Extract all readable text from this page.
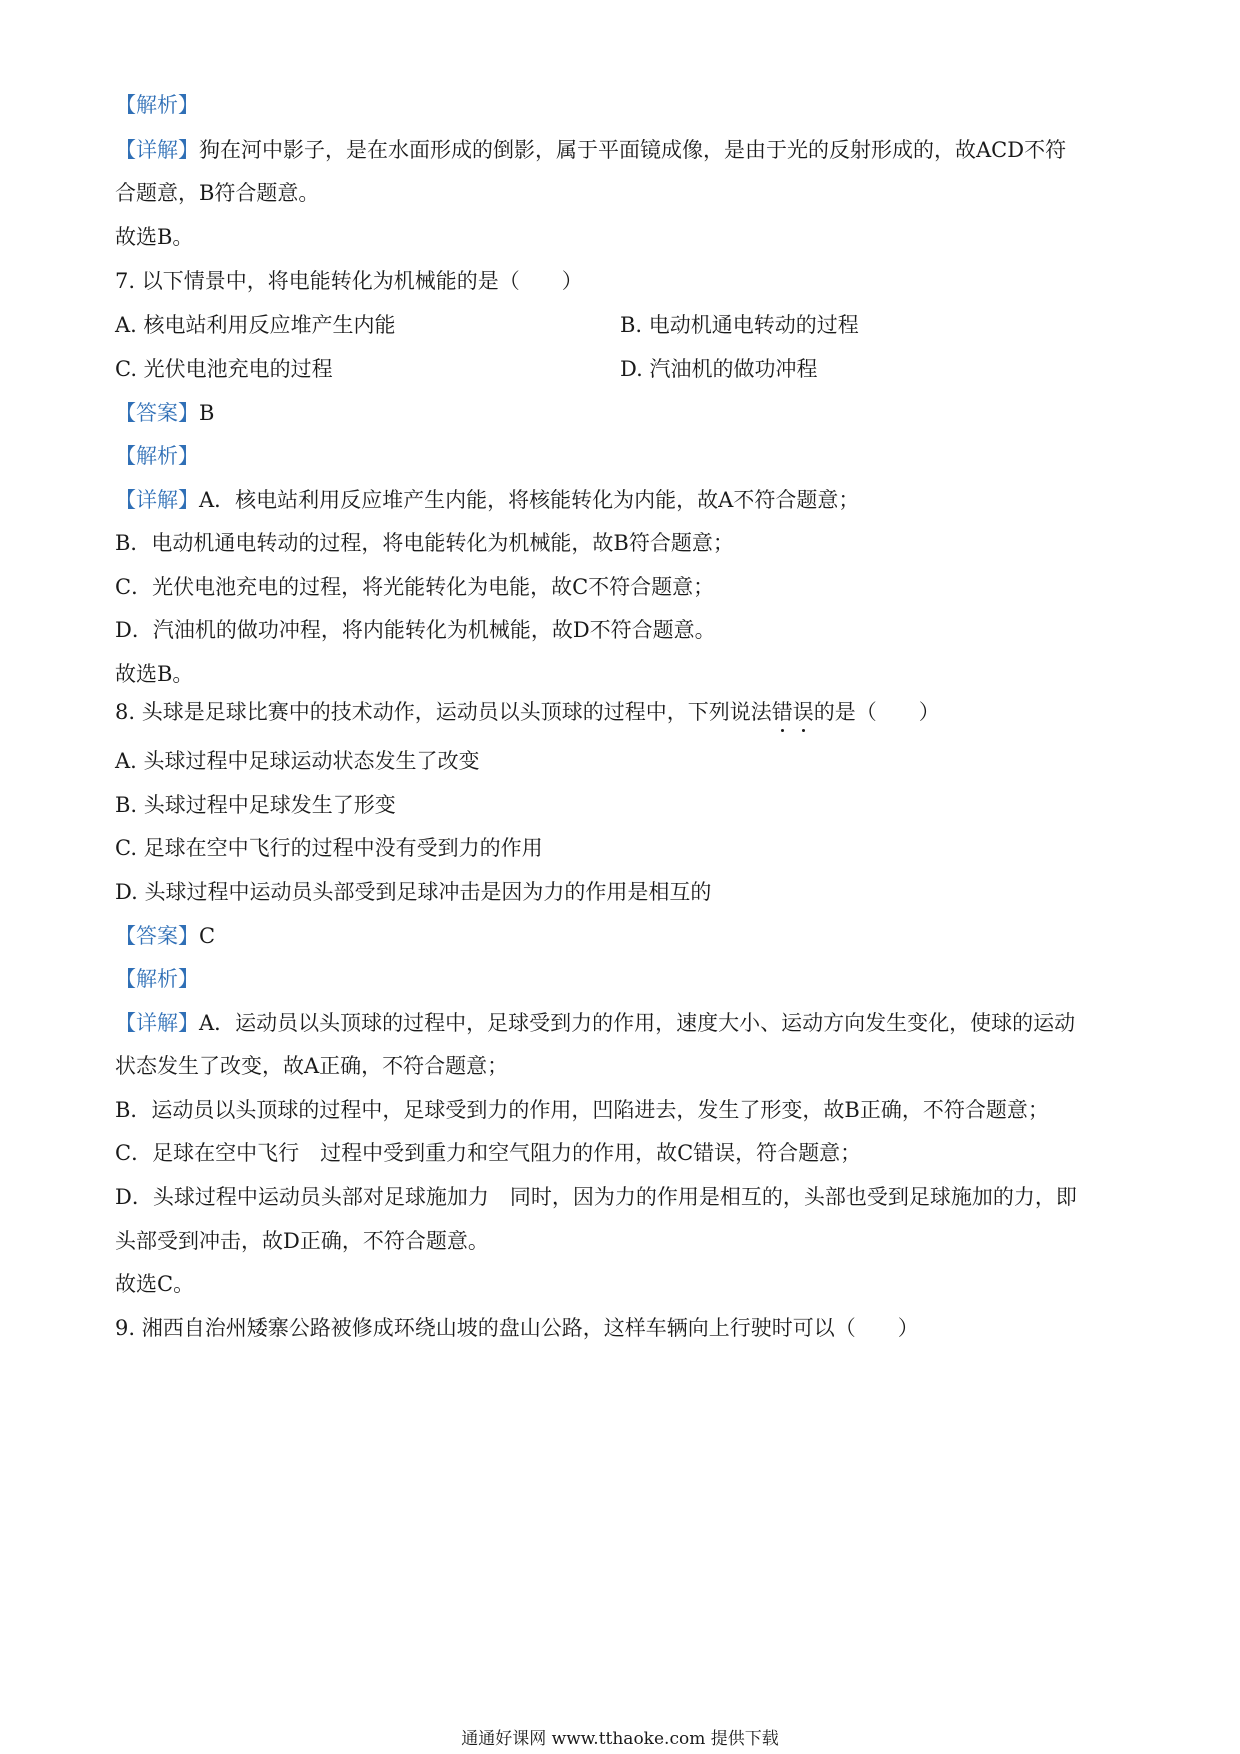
【解析】
【详解】狗在河中影子，是在水面形成的倒影，属于平面镜成像，是由于光的反射形成的，故ACD不符
合题意，B符合题意。
故选B。
7. 以下情景中，将电能转化为机械能的是（　　）
A. 核电站利用反应堆产生内能	B. 电动机通电转动的过程
C. 光伏电池充电的过程	D. 汽油机的做功冲程
【答案】B
【解析】
【详解】A．核电站利用反应堆产生内能，将核能转化为内能，故A不符合题意；
B．电动机通电转动的过程，将电能转化为机械能，故B符合题意；
C．光伏电池充电的过程，将光能转化为电能，故C不符合题意；
D．汽油机的做功冲程，将内能转化为机械能，故D不符合题意。
故选B。
8. 头球是足球比赛中的技术动作，运动员以头顶球的过程中，下列说法错误的是（　　）
A. 头球过程中足球运动状态发生了改变
B. 头球过程中足球发生了形变
C. 足球在空中飞行的过程中没有受到力的作用
D. 头球过程中运动员头部受到足球冲击是因为力的作用是相互的
【答案】C
【解析】
【详解】A．运动员以头顶球的过程中，足球受到力的作用，速度大小、运动方向发生变化，使球的运动
状态发生了改变，故A正确，不符合题意；
B．运动员以头顶球的过程中，足球受到力的作用，凹陷进去，发生了形变，故B正确，不符合题意；
C．足球在空中飞行　过程中受到重力和空气阻力的作用，故C错误，符合题意；
D．头球过程中运动员头部对足球施加力　同时，因为力的作用是相互的，头部也受到足球施加的力，即
头部受到冲击，故D正确，不符合题意。
故选C。
9. 湘西自治州矮寨公路被修成环绕山坡的盘山公路，这样车辆向上行驶时可以（　　）
通通好课网 www.tthaoke.com 提供下载
